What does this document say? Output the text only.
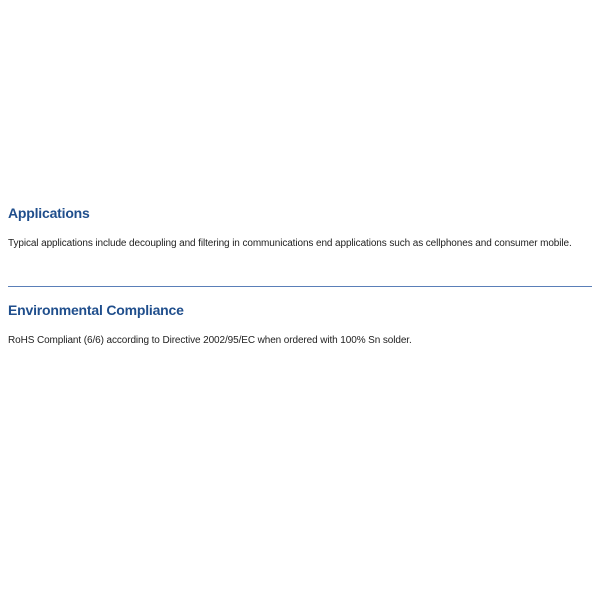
Applications

Typical applications include decoupling and filtering in communications end applications such as cellphones and consumer mobile.

Environmental Compliance

RoHS Compliant (6/6) according to Directive 2002/95/EC when ordered with 100% Sn solder.
